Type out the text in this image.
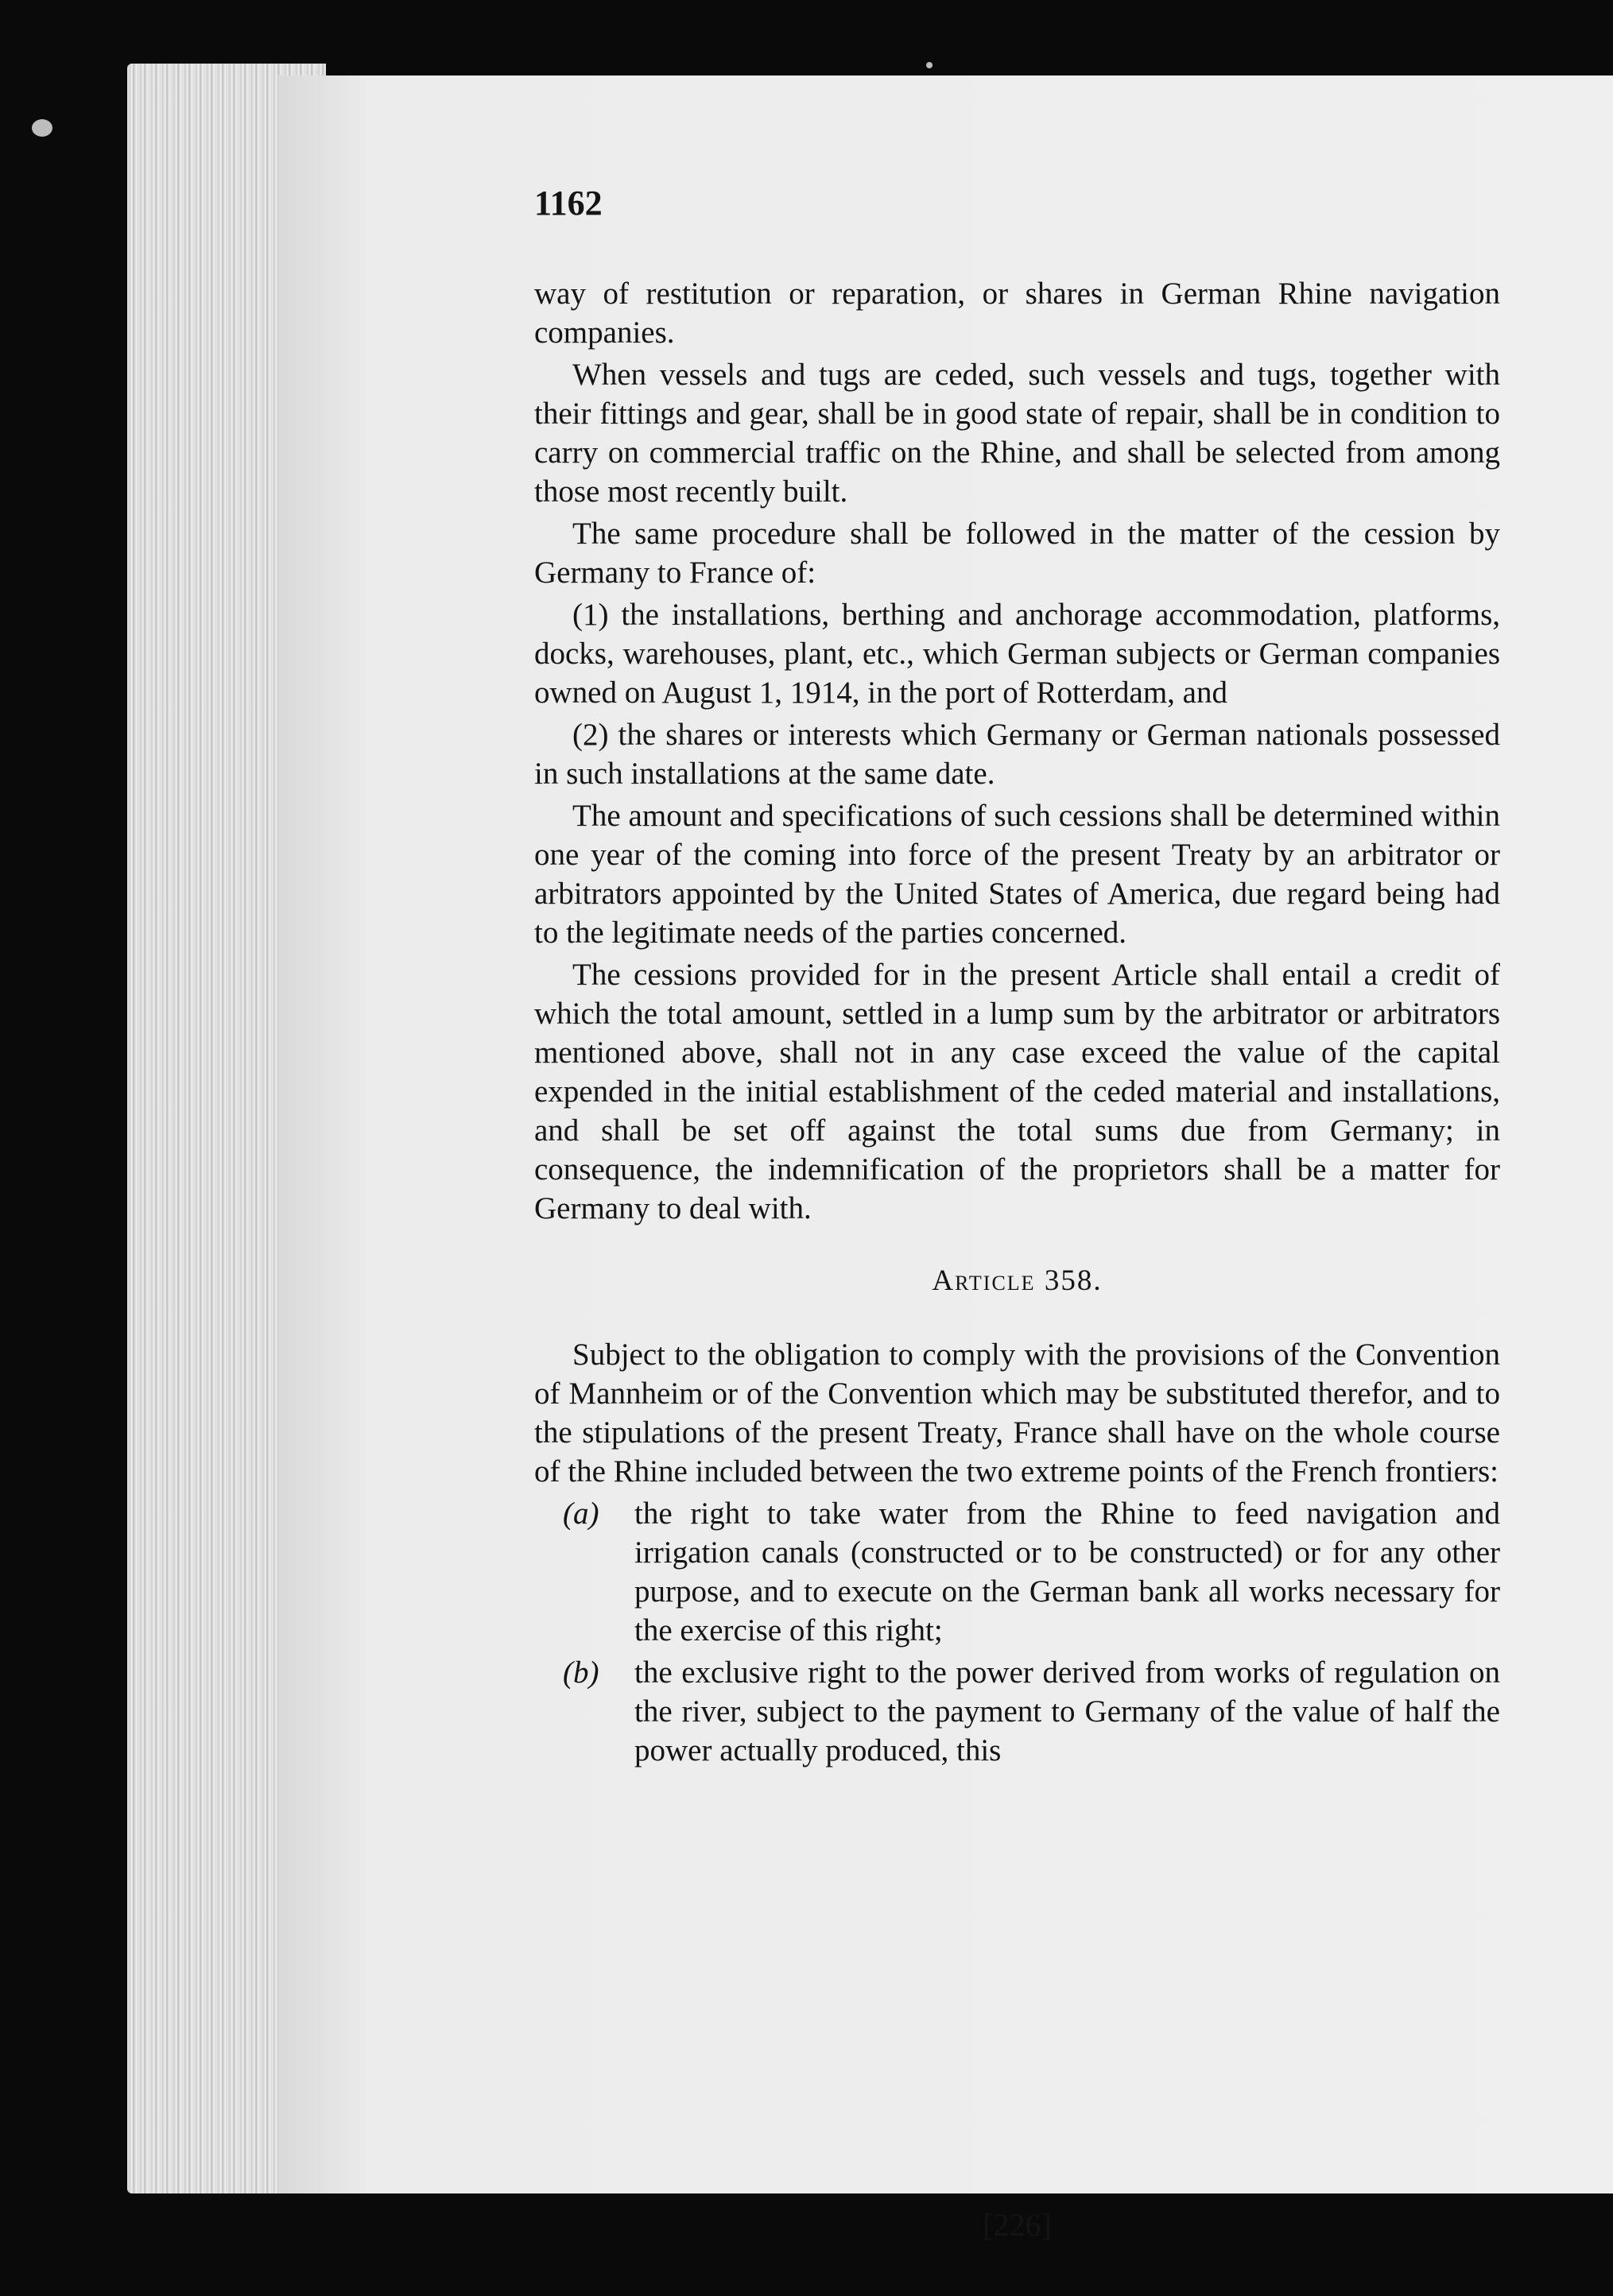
1162

way of restitution or reparation, or shares in German Rhine navigation companies.

When vessels and tugs are ceded, such vessels and tugs, together with their fittings and gear, shall be in good state of repair, shall be in condition to carry on commercial traffic on the Rhine, and shall be selected from among those most recently built.

The same procedure shall be followed in the matter of the cession by Germany to France of:

(1) the installations, berthing and anchorage accommodation, platforms, docks, warehouses, plant, etc., which German subjects or German companies owned on August 1, 1914, in the port of Rotterdam, and

(2) the shares or interests which Germany or German nationals possessed in such installations at the same date.

The amount and specifications of such cessions shall be determined within one year of the coming into force of the present Treaty by an arbitrator or arbitrators appointed by the United States of America, due regard being had to the legitimate needs of the parties concerned.

The cessions provided for in the present Article shall entail a credit of which the total amount, settled in a lump sum by the arbitrator or arbitrators mentioned above, shall not in any case exceed the value of the capital expended in the initial establishment of the ceded material and installations, and shall be set off against the total sums due from Germany; in consequence, the indemnification of the proprietors shall be a matter for Germany to deal with.

Article 358.

Subject to the obligation to comply with the provisions of the Convention of Mannheim or of the Convention which may be substituted therefor, and to the stipulations of the present Treaty, France shall have on the whole course of the Rhine included between the two extreme points of the French frontiers:

(a)	the right to take water from the Rhine to feed navigation and irrigation canals (constructed or to be constructed) or for any other purpose, and to execute on the German bank all works necessary for the exercise of this right;
(b)	the exclusive right to the power derived from works of regulation on the river, subject to the payment to Germany of the value of half the power actually produced, this
[226]
